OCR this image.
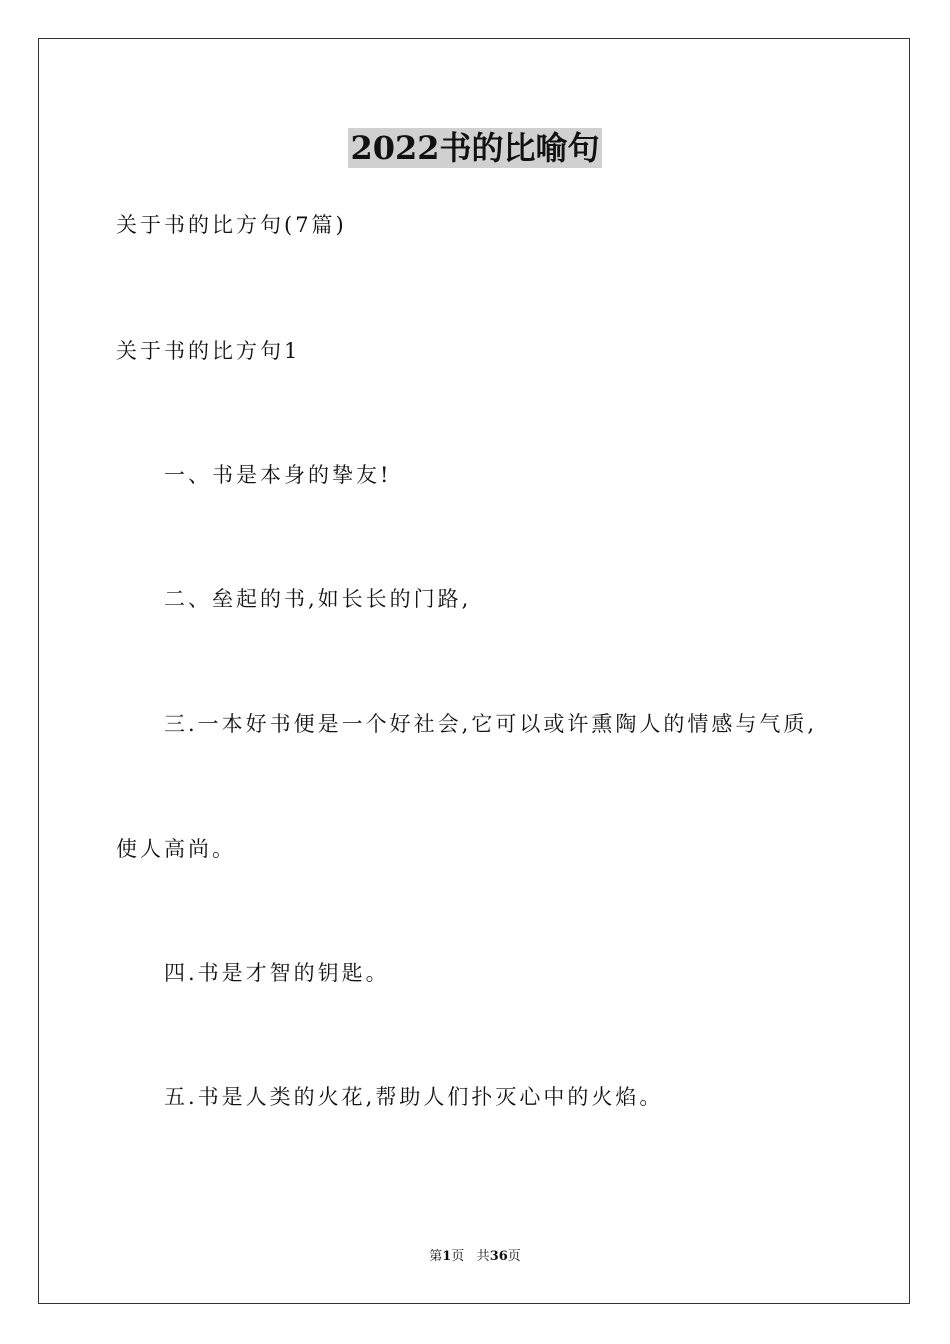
2022书的比喻句
关于书的比方句(7篇)
关于书的比方句1
一、书是本身的挚友!
二、垒起的书,如长长的门路,
三.一本好书便是一个好社会,它可以或许熏陶人的情感与气质,
使人高尚。
四.书是才智的钥匙。
五.书是人类的火花,帮助人们扑灭心中的火焰。
第1页 共36页
